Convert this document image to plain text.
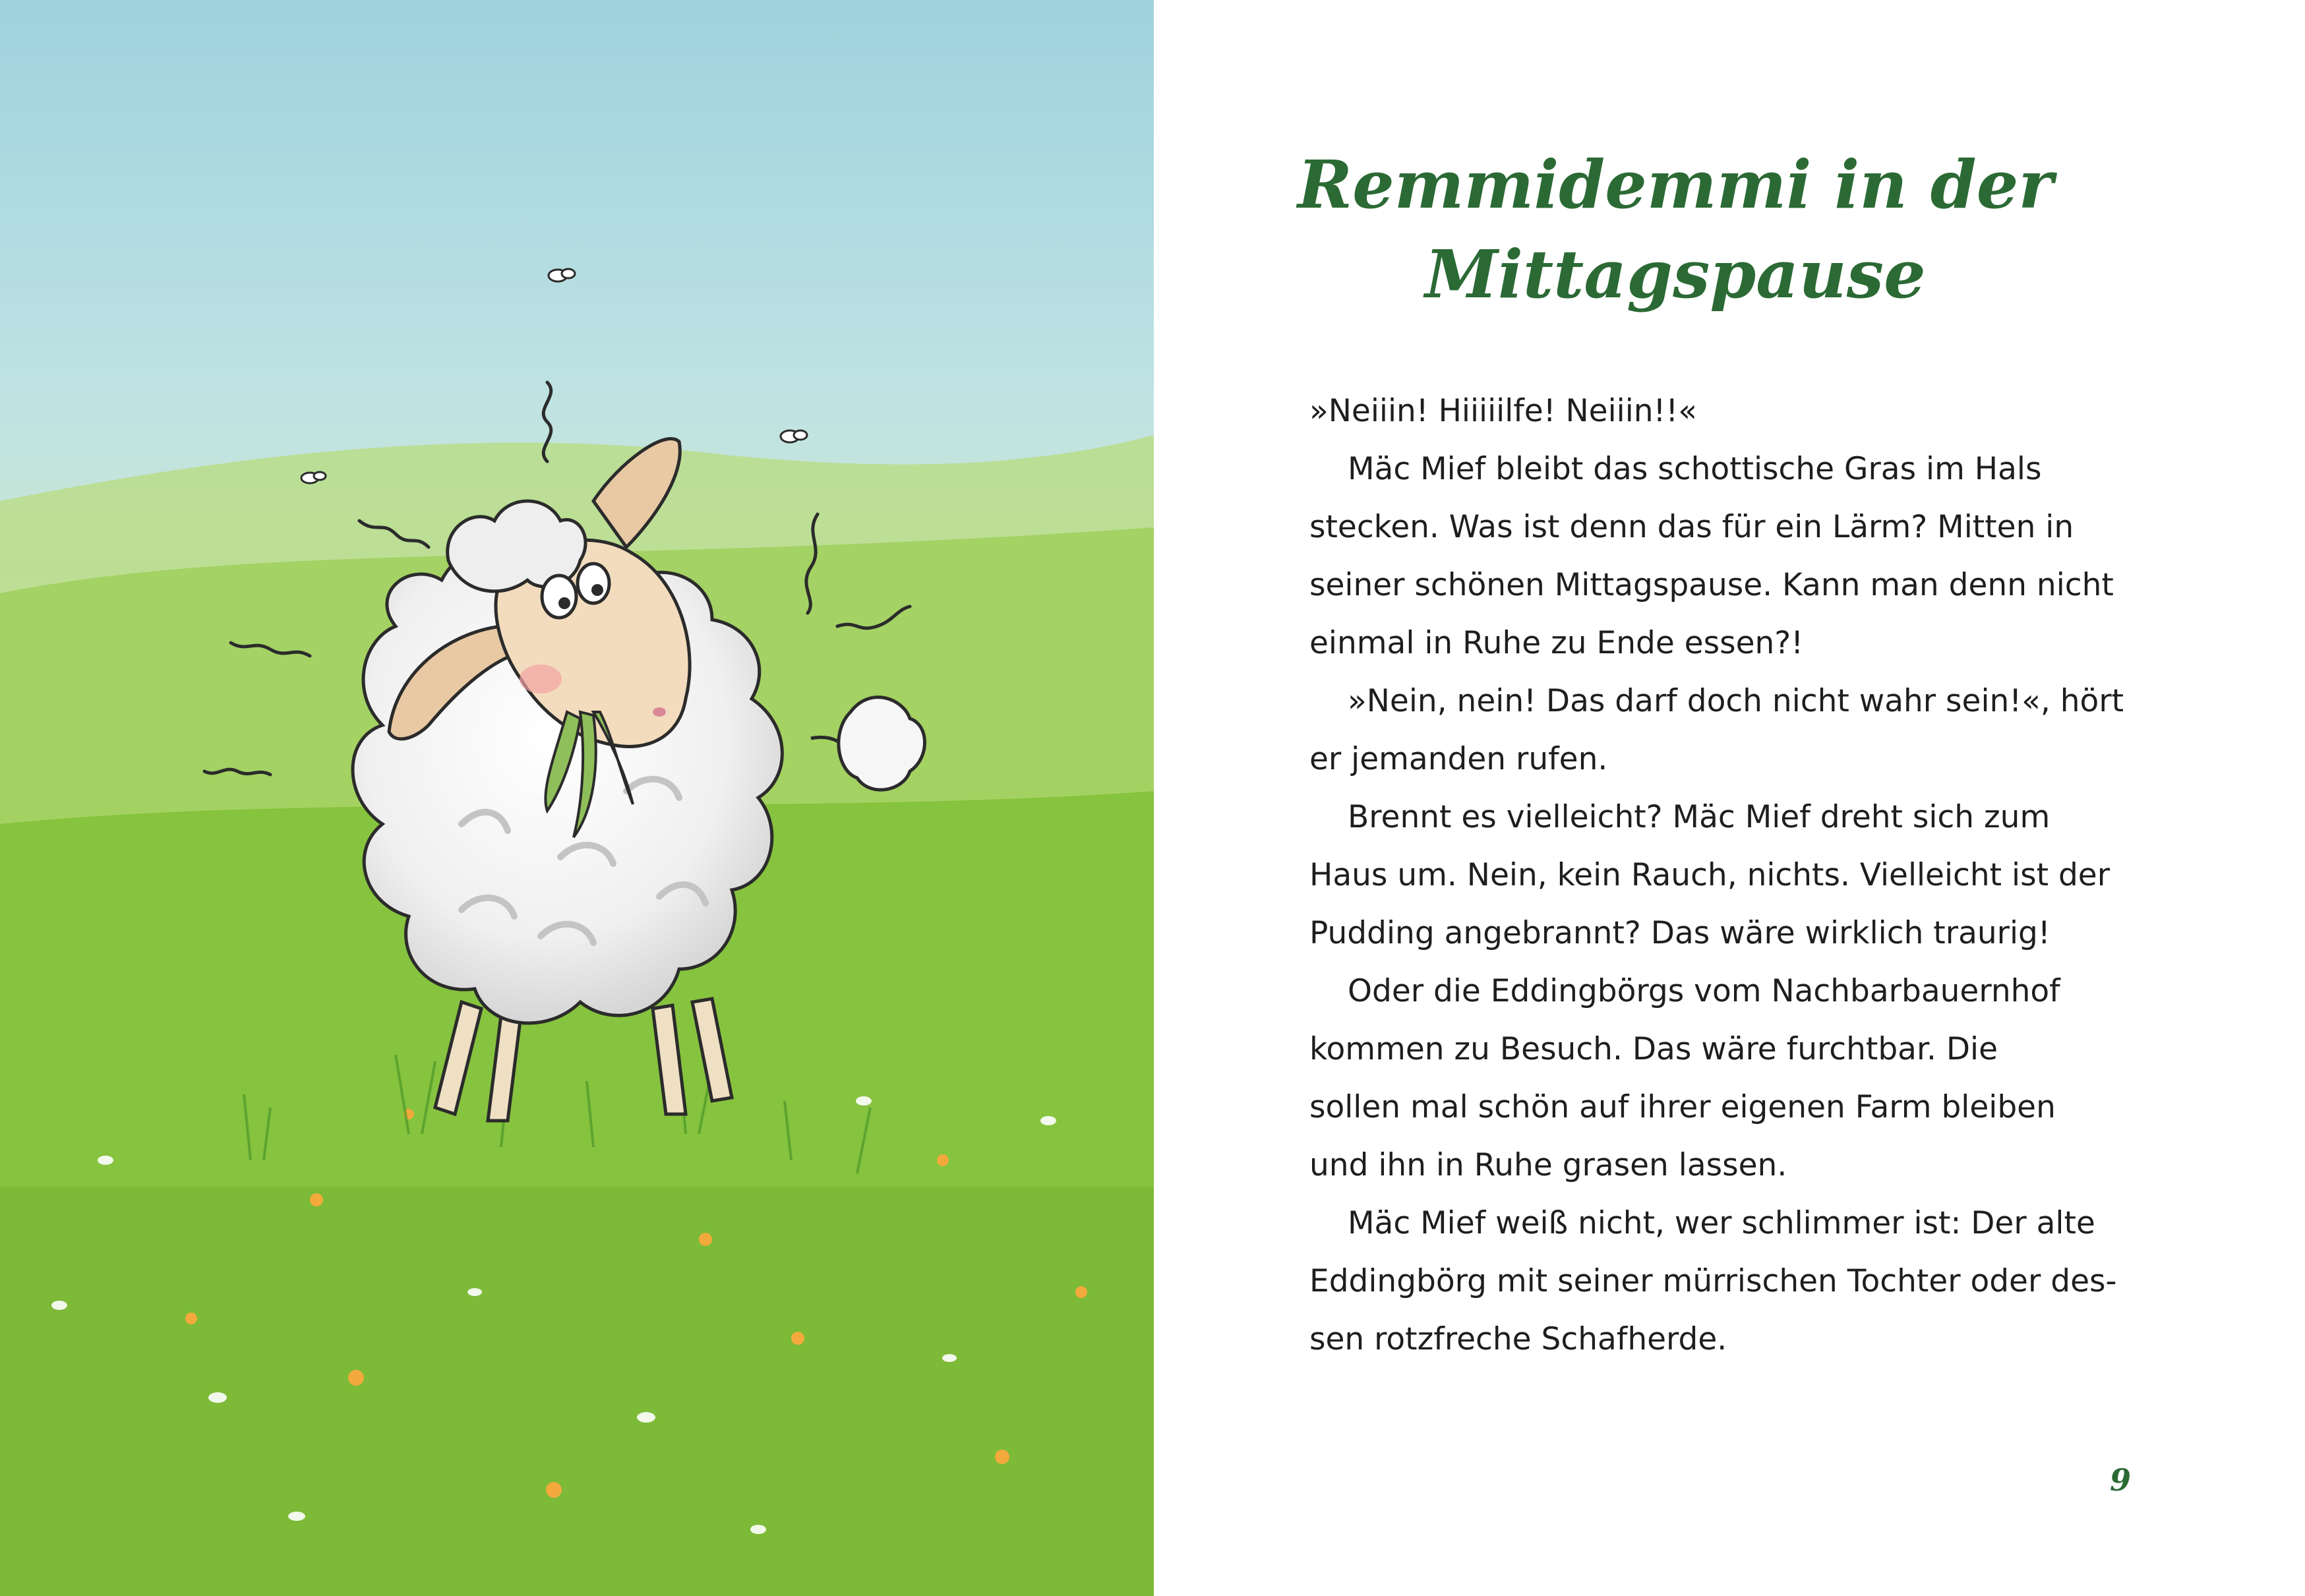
Remmidemmi in der
Mittagspause
»Neiiin! Hiiiiilfe! Neiiin!!«
Mäc Mief bleibt das schottische Gras im Hals
stecken. Was ist denn das für ein Lärm? Mitten in
seiner schönen Mittagspause. Kann man denn nicht
einmal in Ruhe zu Ende essen?!
»Nein, nein! Das darf doch nicht wahr sein!«, hört
er jemanden rufen.
Brennt es vielleicht? Mäc Mief dreht sich zum
Haus um. Nein, kein Rauch, nichts. Vielleicht ist der
Pudding angebrannt? Das wäre wirklich traurig!
Oder die Eddingbörgs vom Nachbarbauernhof
kommen zu Besuch. Das wäre furchtbar. Die
sollen mal schön auf ihrer eigenen Farm bleiben
und ihn in Ruhe grasen lassen.
Mäc Mief weiß nicht, wer schlimmer ist: Der alte
Eddingbörg mit seiner mürrischen Tochter oder des-
sen rotzfreche Schafherde.
9
